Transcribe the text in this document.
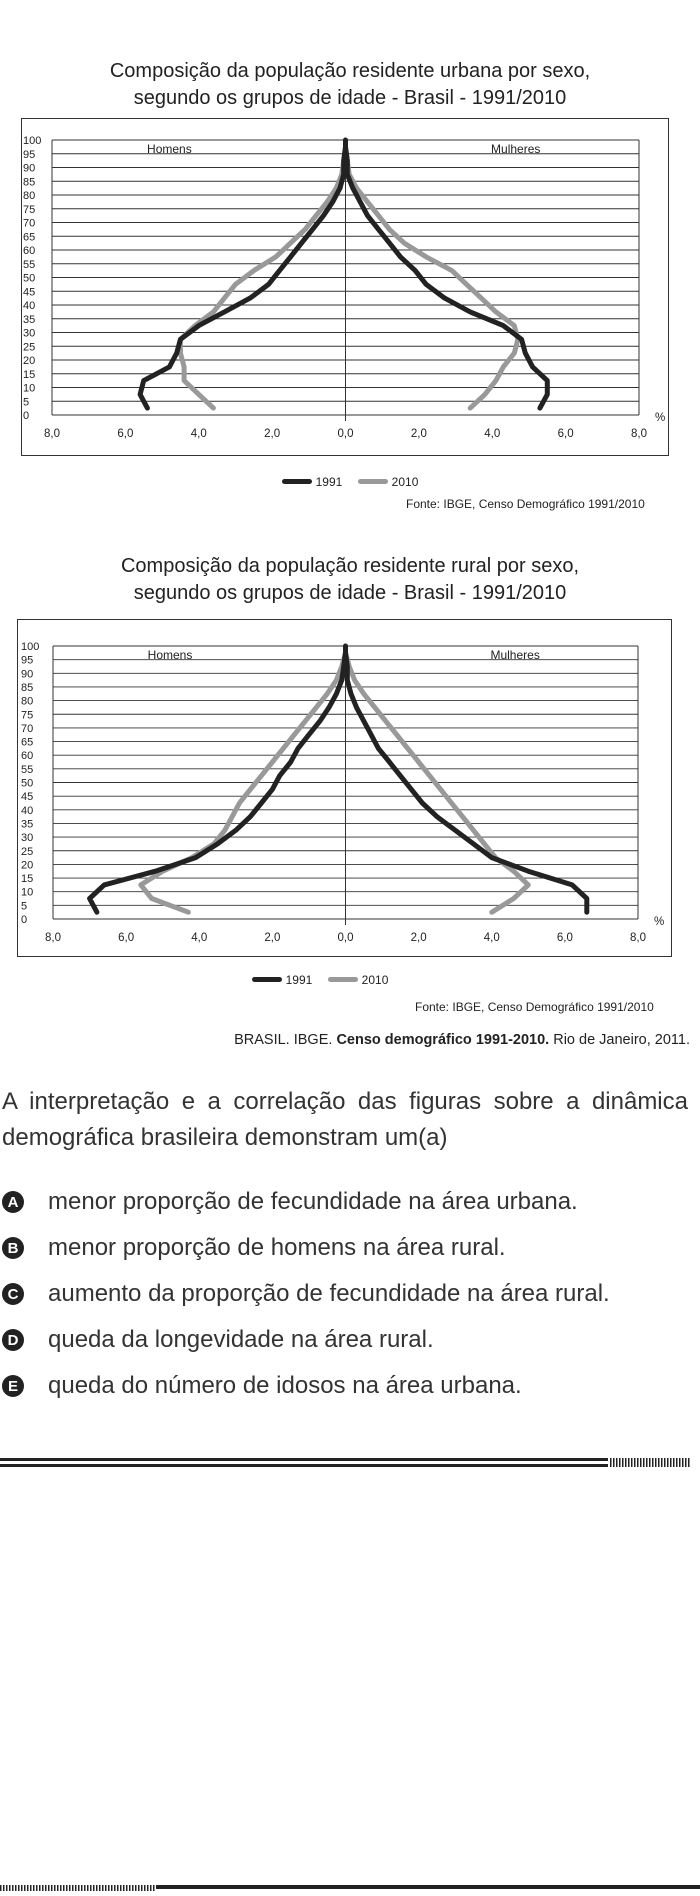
Composição da população residente urbana por sexo,
segundo os grupos de idade - Brasil - 1991/2010
0
5
10
15
20
25
30
35
40
45
50
55
60
65
70
75
80
85
90
95
100
8,0	6,0	4,0	2,0	0,0	2,0	4,0	6,0	8,0
%
Homens	Mulheres
1991
	2010
Fonte: IBGE, Censo Demográfico 1991/2010
Composição da população residente rural por sexo,
segundo os grupos de idade - Brasil - 1991/2010
0
5
10
15
20
25
30
35
40
45
50
55
60
65
70
75
80
85
90
95
100
8,0	6,0	4,0	2,0	0,0	2,0	4,0	6,0	8,0
%
Homens	Mulheres
1991
	2010
Fonte: IBGE, Censo Demográfico 1991/2010
BRASIL. IBGE. Censo demográfico 1991-2010. Rio de Janeiro, 2011.
A interpretação e a correlação das figuras sobre a dinâmica demográfica brasileira demonstram um(a)
A menor proporção de fecundidade na área urbana.
B menor proporção de homens na área rural.
C aumento da proporção de fecundidade na área rural.
D queda da longevidade na área rural.
E queda do número de idosos na área urbana.
